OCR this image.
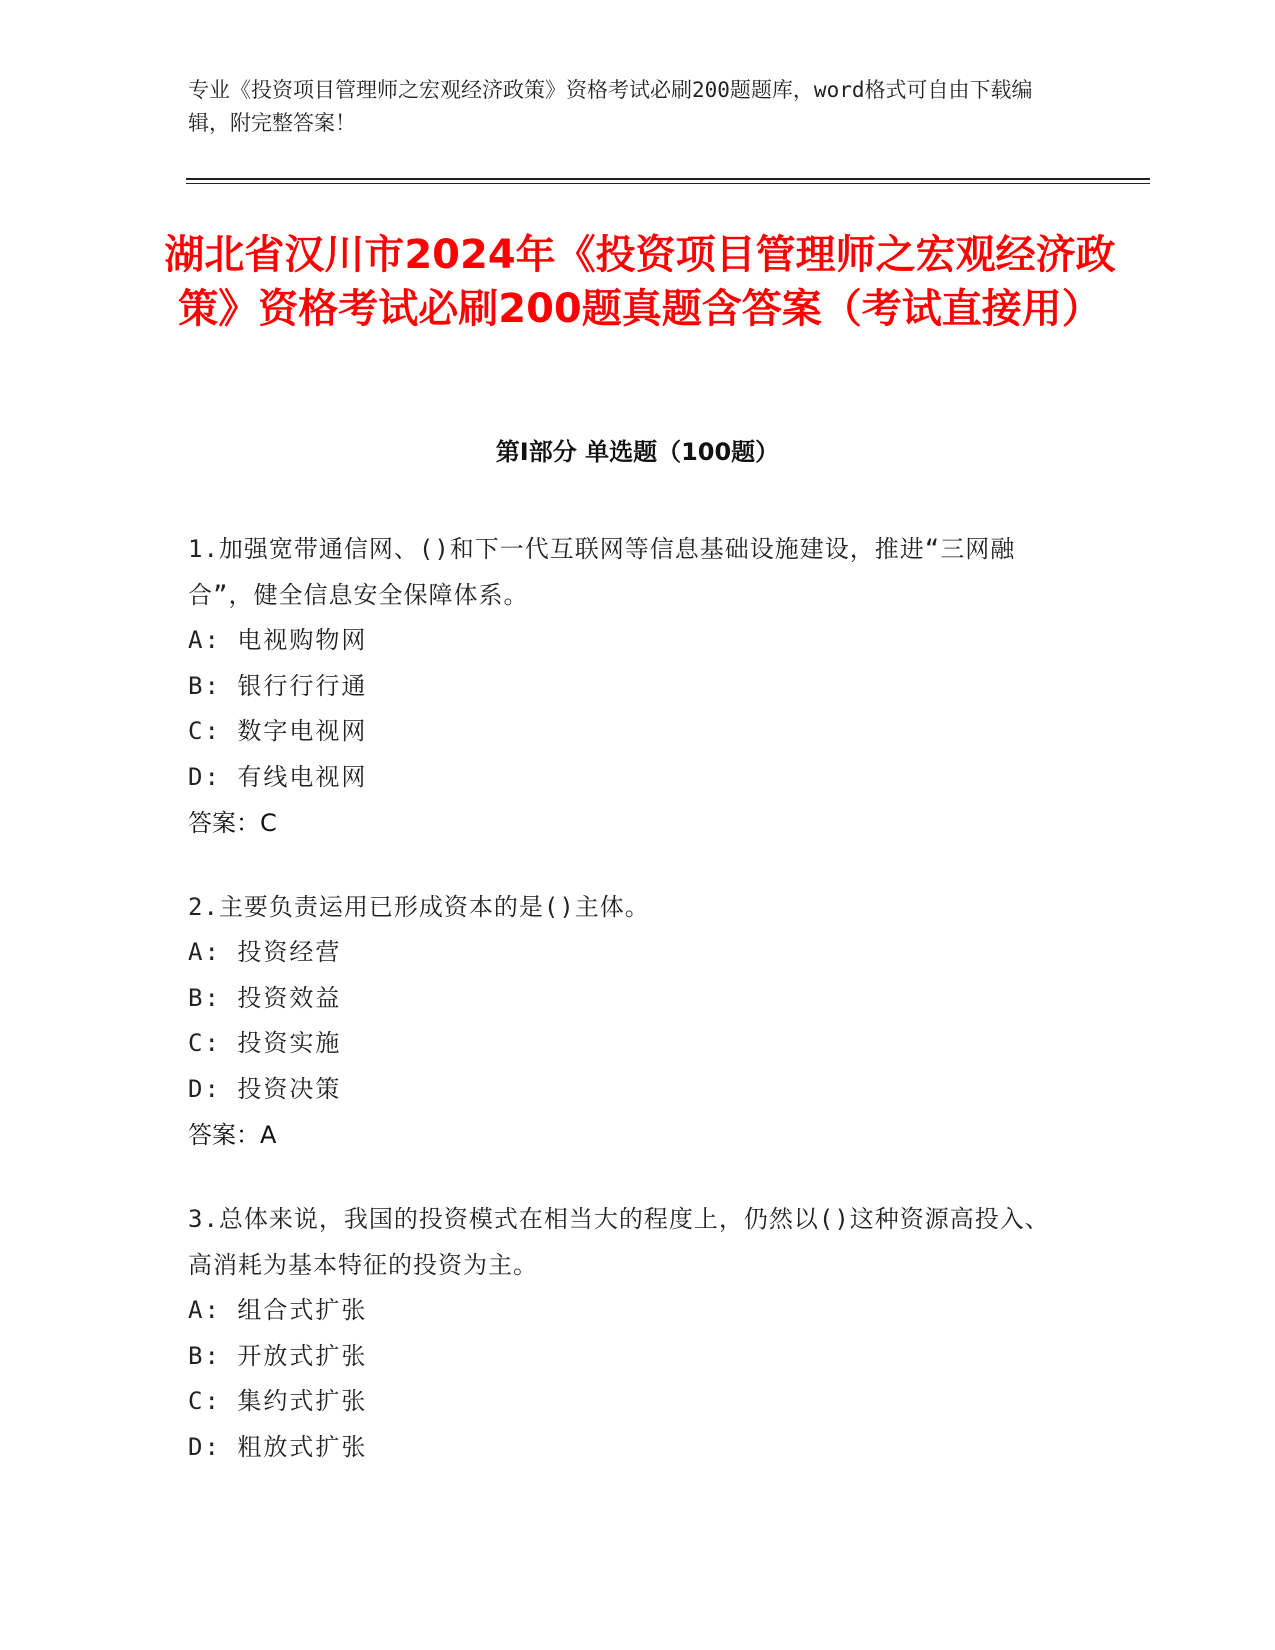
专业《投资项目管理师之宏观经济政策》资格考试必刷200题题库，word格式可自由下载编辑，附完整答案！
湖北省汉川市2024年《投资项目管理师之宏观经济政策》资格考试必刷200题真题含答案（考试直接用）
第I部分 单选题（100题）
1.加强宽带通信网、()和下一代互联网等信息基础设施建设，推进“三网融合”，健全信息安全保障体系。
A: 电视购物网
B: 银行行行通
C: 数字电视网
D: 有线电视网
答案：C
2.主要负责运用已形成资本的是()主体。
A: 投资经营
B: 投资效益
C: 投资实施
D: 投资决策
答案：A
3.总体来说，我国的投资模式在相当大的程度上，仍然以()这种资源高投入、高消耗为基本特征的投资为主。
A: 组合式扩张
B: 开放式扩张
C: 集约式扩张
D: 粗放式扩张
